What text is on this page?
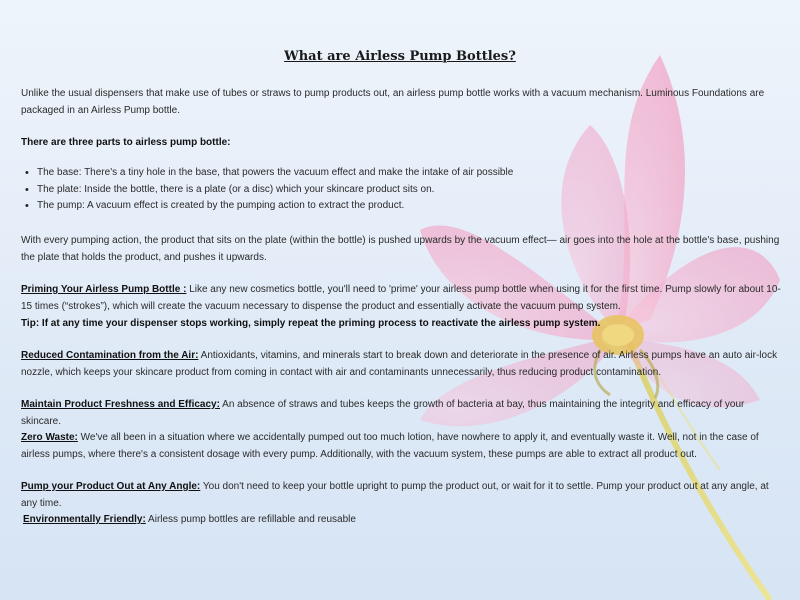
What are Airless Pump Bottles?

Unlike the usual dispensers that make use of tubes or straws to pump products out, an airless pump bottle works with a vacuum mechanism. Luminous Foundations are packaged in an Airless Pump bottle.

There are three parts to airless pump bottle:

• The base: There's a tiny hole in the base, that powers the vacuum effect and make the intake of air possible
• The plate: Inside the bottle, there is a plate (or a disc) which your skincare product sits on.
• The pump: A vacuum effect is created by the pumping action to extract the product.

With every pumping action, the product that sits on the plate (within the bottle) is pushed upwards by the vacuum effect— air goes into the hole at the bottle's base, pushing the plate that holds the product, and pushes it upwards.

Priming Your Airless Pump Bottle : Like any new cosmetics bottle, you'll need to 'prime' your airless pump bottle when using it for the first time. Pump slowly for about 10-15 times (“strokes”), which will create the vacuum necessary to dispense the product and essentially activate the vacuum pump system.
Tip: If at any time your dispenser stops working, simply repeat the priming process to reactivate the airless pump system.

Reduced Contamination from the Air: Antioxidants, vitamins, and minerals start to break down and deteriorate in the presence of air. Airless pumps have an auto air-lock nozzle, which keeps your skincare product from coming in contact with air and contaminants unnecessarily, thus reducing product contamination.

Maintain Product Freshness and Efficacy: An absence of straws and tubes keeps the growth of bacteria at bay, thus maintaining the integrity and efficacy of your skincare.

Zero Waste: We've all been in a situation where we accidentally pumped out too much lotion, have nowhere to apply it, and eventually waste it. Well, not in the case of airless pumps, where there's a consistent dosage with every pump. Additionally, with the vacuum system, these pumps are able to extract all product out.

Pump your Product Out at Any Angle: You don't need to keep your bottle upright to pump the product out, or wait for it to settle. Pump your product out at any angle, at any time.

Environmentally Friendly: Airless pump bottles are refillable and reusable
